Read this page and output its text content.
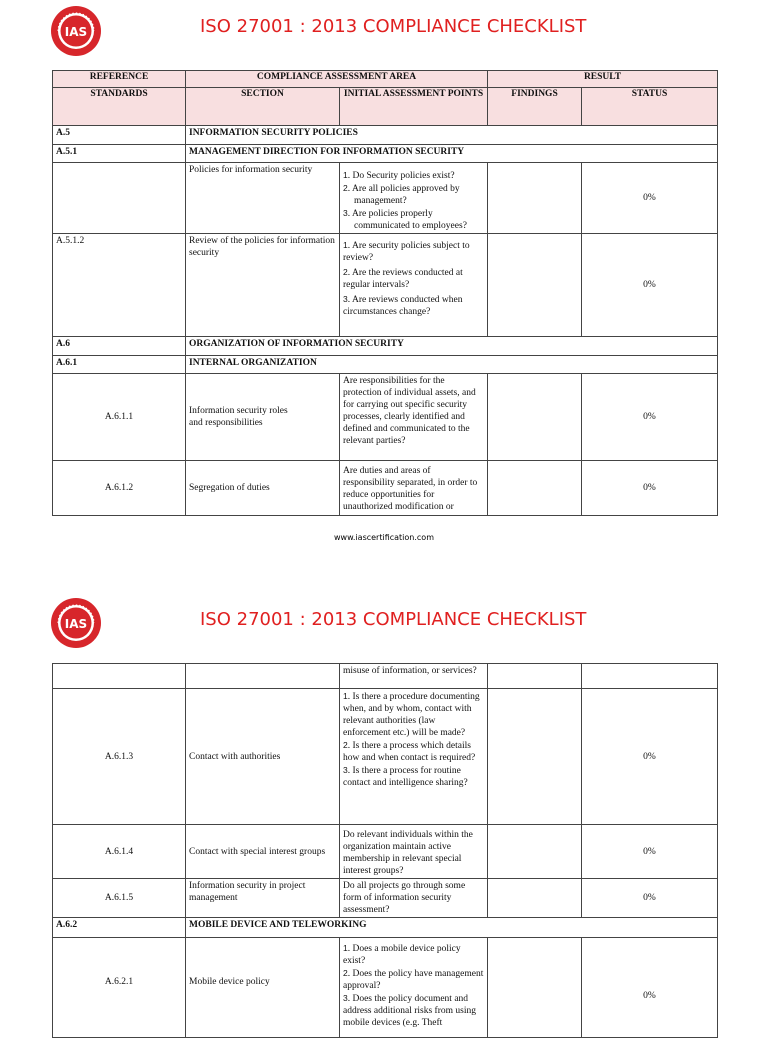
IAS	ISO 27001 : 2013 COMPLIANCE CHECKLIST
REFERENCE	COMPLIANCE ASSESSMENT AREA		RESULT	
STANDARDS	SECTION	INITIAL ASSESSMENT POINTS	FINDINGS	STATUS
A.5	INFORMATION SECURITY POLICIES			
A.5.1	MANAGEMENT DIRECTION FOR INFORMATION SECURITY			
	Policies for information security	1. Do Security policies exist?
2. Are all policies approved by
management?
3. Are policies properly
communicated to employees?		0%
A.5.1.2	Review of the policies for information security	1. Are security policies subject to review?
2. Are the reviews conducted at regular intervals?
3. Are reviews conducted when circumstances change?		0%
A.6	ORGANIZATION OF INFORMATION SECURITY			
A.6.1	INTERNAL ORGANIZATION			
A.6.1.1	Information security roles and responsibilities	Are responsibilities for the protection of individual assets, and for carrying out specific security processes, clearly identified and defined and communicated to the relevant parties?		0%
A.6.1.2	Segregation of duties	Are duties and areas of responsibility separated, in order to reduce opportunities for unauthorized modification or		0%
www.iascertification.com
IAS	ISO 27001 : 2013 COMPLIANCE CHECKLIST
		misuse of information, or services?		
A.6.1.3	Contact with authorities	1. Is there a procedure documenting when, and by whom, contact with relevant authorities (law enforcement etc.) will be made?
2. Is there a process which details how and when contact is required?
3. Is there a process for routine contact and intelligence sharing?		0%
A.6.1.4	Contact with special interest groups	Do relevant individuals within the organization maintain active membership in relevant special interest groups?		0%
A.6.1.5	Information security in project management	Do all projects go through some form of information security assessment?		0%
A.6.2	MOBILE DEVICE AND TELEWORKING			
A.6.2.1	Mobile device policy	1. Does a mobile device policy exist?
2. Does the policy have management approval?
3. Does the policy document and address additional risks from using mobile devices (e.g. Theft		0%
